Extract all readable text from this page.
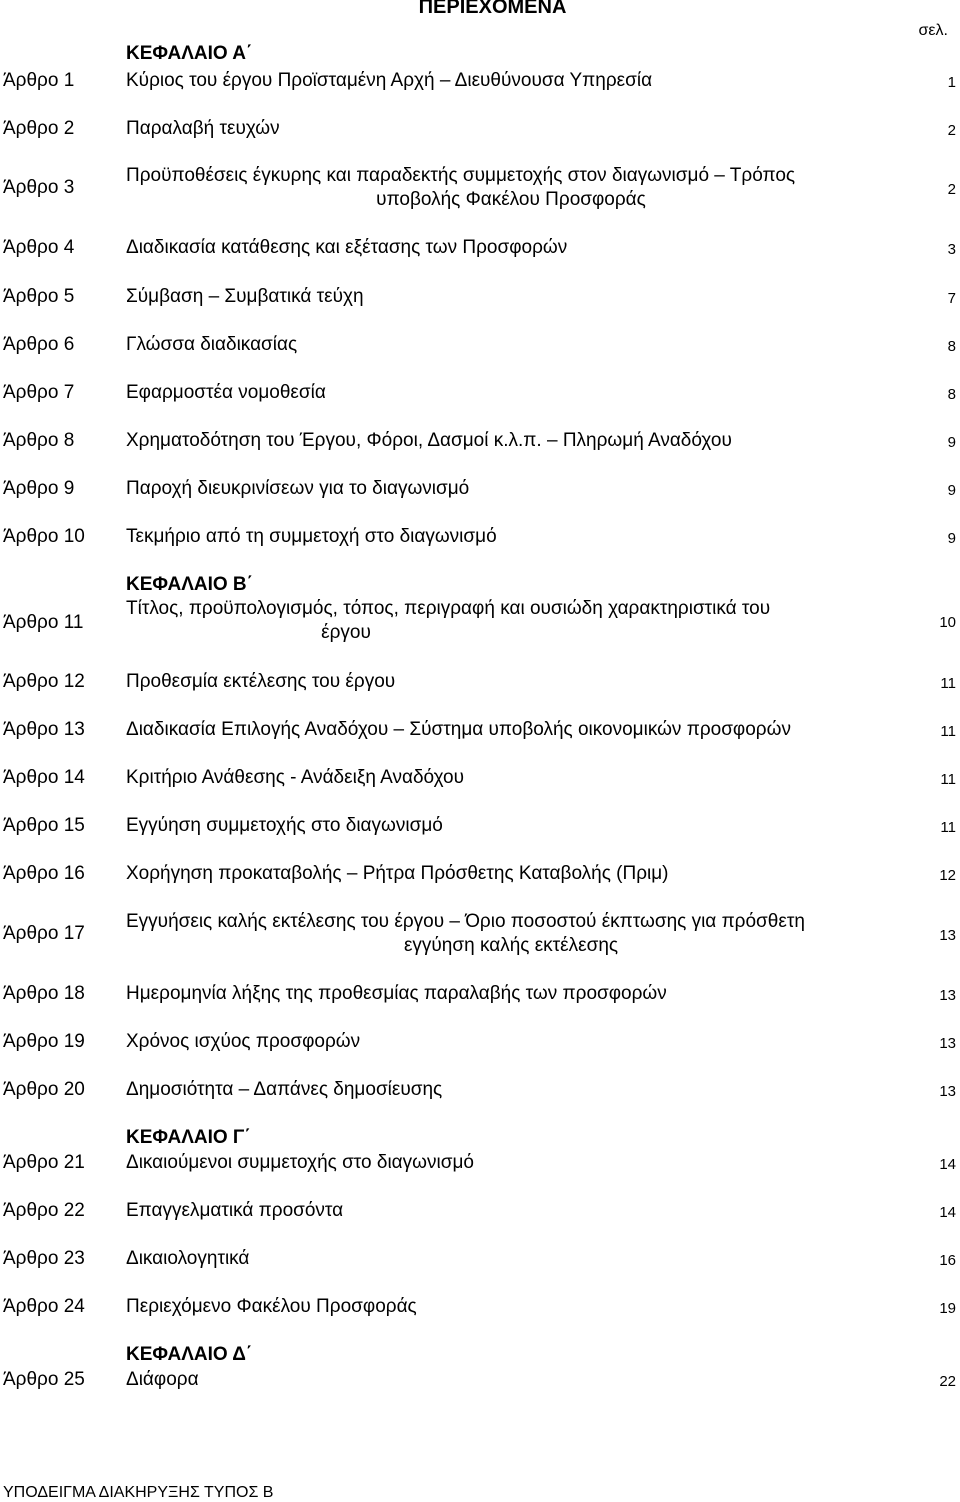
ΠΕΡΙΕΧΟΜΕΝΑ
σελ.
ΚΕΦΑΛΑΙΟ Α΄
Άρθρο 1	Κύριος του έργου Προϊσταμένη Αρχή – Διευθύνουσα Υπηρεσία	1
Άρθρο 2	Παραλαβή τευχών	2
Άρθρο 3
Προϋποθέσεις έγκυρης και παραδεκτής συμμετοχής στον διαγωνισμό – Τρόπος
υποβολής Φακέλου Προσφοράς	2
Άρθρο 4	Διαδικασία κατάθεσης και εξέτασης των Προσφορών	3
Άρθρο 5	Σύμβαση – Συμβατικά τεύχη	7
Άρθρο 6	Γλώσσα διαδικασίας	8
Άρθρο 7	Εφαρμοστέα νομοθεσία	8
Άρθρο 8	Χρηματοδότηση του Έργου, Φόροι, Δασμοί κ.λ.π. – Πληρωμή Αναδόχου	9
Άρθρο 9	Παροχή διευκρινίσεων για το διαγωνισμό	9
Άρθρο 10 Τεκμήριο από τη συμμετοχή στο διαγωνισμό	9
ΚΕΦΑΛΑΙΟ Β΄
Άρθρο 11
Τίτλος, προϋπολογισμός, τόπος, περιγραφή και ουσιώδη χαρακτηριστικά του
έργου	10
Άρθρο 12 Προθεσμία εκτέλεσης του έργου	11
Άρθρο 13 Διαδικασία Επιλογής Αναδόχου – Σύστημα υποβολής οικονομικών προσφορών	11
Άρθρο 14 Κριτήριο Ανάθεσης - Ανάδειξη Αναδόχου	11
Άρθρο 15 Εγγύηση συμμετοχής στο διαγωνισμό	11
Άρθρο 16 Χορήγηση προκαταβολής – Ρήτρα Πρόσθετης Καταβολής (Πριμ)	12
Άρθρο 17
Εγγυήσεις καλής εκτέλεσης του έργου – Όριο ποσοστού έκπτωσης για πρόσθετη
εγγύηση καλής εκτέλεσης	13
Άρθρο 18 Ημερομηνία λήξης της προθεσμίας παραλαβής των προσφορών	13
Άρθρο 19 Χρόνος ισχύος προσφορών	13
Άρθρο 20 Δημοσιότητα – Δαπάνες δημοσίευσης	13
ΚΕΦΑΛΑΙΟ Γ΄
Άρθρο 21 Δικαιούμενοι συμμετοχής στο διαγωνισμό	14
Άρθρο 22 Επαγγελματικά προσόντα	14
Άρθρο 23 Δικαιολογητικά	16
Άρθρο 24 Περιεχόμενο Φακέλου Προσφοράς	19
ΚΕΦΑΛΑΙΟ Δ΄
Άρθρο 25 Διάφορα	22
ΥΠΟΔΕΙΓΜΑ ΔΙΑΚΗΡΥΞΗΣ ΤΥΠΟΣ Β
